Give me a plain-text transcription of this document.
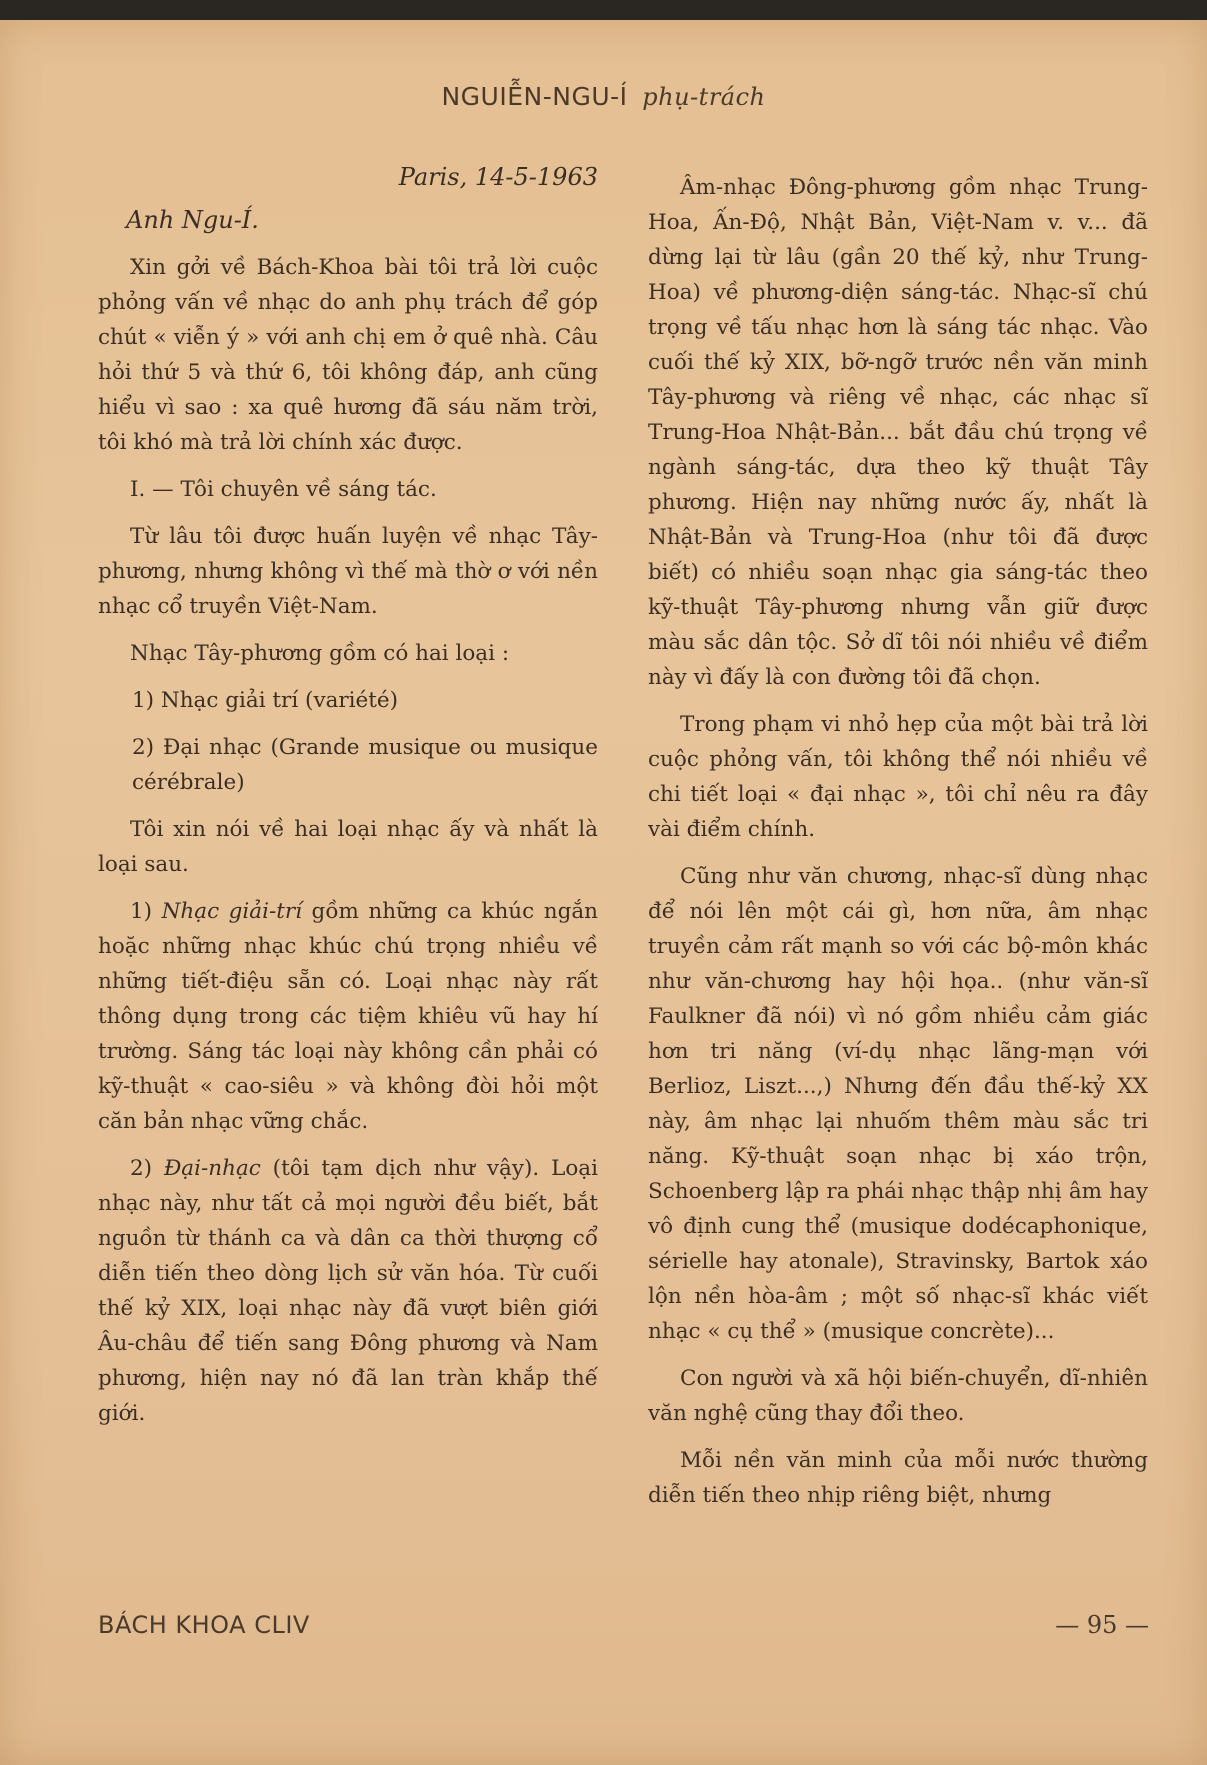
NGUIỄN-NGU-Í phụ-trách
Paris, 14-5-1963
Anh Ngu-Í.

Xin gởi về Bách-Khoa bài tôi trả lời cuộc phỏng vấn về nhạc do anh phụ trách để góp chút « viễn ý » với anh chị em ở quê nhà. Câu hỏi thứ 5 và thứ 6, tôi không đáp, anh cũng hiểu vì sao : xa quê hương đã sáu năm trời, tôi khó mà trả lời chính xác được.

I. — Tôi chuyên về sáng tác.

Từ lâu tôi được huấn luyện về nhạc Tây-phương, nhưng không vì thế mà thờ ơ với nền nhạc cổ truyền Việt-Nam.

Nhạc Tây-phương gồm có hai loại :

1) Nhạc giải trí (variété)
2) Đại nhạc (Grande musique ou musique cérébrale)

Tôi xin nói về hai loại nhạc ấy và nhất là loại sau.

1) Nhạc giải-trí gồm những ca khúc ngắn hoặc những nhạc khúc chú trọng nhiều về những tiết-điệu sẵn có. Loại nhạc này rất thông dụng trong các tiệm khiêu vũ hay hí trường. Sáng tác loại này không cần phải có kỹ-thuật « cao-siêu » và không đòi hỏi một căn bản nhạc vững chắc.

2) Đại-nhạc (tôi tạm dịch như vậy). Loại nhạc này, như tất cả mọi người đều biết, bắt nguồn từ thánh ca và dân ca thời thượng cổ diễn tiến theo dòng lịch sử văn hóa. Từ cuối thế kỷ XIX, loại nhạc này đã vượt biên giới Âu-châu để tiến sang Đông phương và Nam phương, hiện nay nó đã lan tràn khắp thế giới.

Âm-nhạc Đông-phương gồm nhạc Trung-Hoa, Ấn-Độ, Nhật Bản, Việt-Nam v. v... đã dừng lại từ lâu (gần 20 thế kỷ, như Trung-Hoa) về phương-diện sáng-tác. Nhạc-sĩ chú trọng về tấu nhạc hơn là sáng tác nhạc. Vào cuối thế kỷ XIX, bỡ-ngỡ trước nền văn minh Tây-phương và riêng về nhạc, các nhạc sĩ Trung-Hoa Nhật-Bản... bắt đầu chú trọng về ngành sáng-tác, dựa theo kỹ thuật Tây phương. Hiện nay những nước ấy, nhất là Nhật-Bản và Trung-Hoa (như tôi đã được biết) có nhiều soạn nhạc gia sáng-tác theo kỹ-thuật Tây-phương nhưng vẫn giữ được màu sắc dân tộc. Sở dĩ tôi nói nhiều về điểm này vì đấy là con đường tôi đã chọn.

Trong phạm vi nhỏ hẹp của một bài trả lời cuộc phỏng vấn, tôi không thể nói nhiều về chi tiết loại « đại nhạc », tôi chỉ nêu ra đây vài điểm chính.

Cũng như văn chương, nhạc-sĩ dùng nhạc để nói lên một cái gì, hơn nữa, âm nhạc truyền cảm rất mạnh so với các bộ-môn khác như văn-chương hay hội họa.. (như văn-sĩ Faulkner đã nói) vì nó gồm nhiều cảm giác hơn tri năng (ví-dụ nhạc lãng-mạn với Berlioz, Liszt...,) Nhưng đến đầu thế-kỷ XX này, âm nhạc lại nhuốm thêm màu sắc tri năng. Kỹ-thuật soạn nhạc bị xáo trộn, Schoenberg lập ra phái nhạc thập nhị âm hay vô định cung thể (musique dodécaphonique, sérielle hay atonale), Stravinsky, Bartok xáo lộn nền hòa-âm ; một số nhạc-sĩ khác viết nhạc « cụ thể » (musique concrète)...

Con người và xã hội biến-chuyển, dĩ-nhiên văn nghệ cũng thay đổi theo.

Mỗi nền văn minh của mỗi nước thường diễn tiến theo nhịp riêng biệt, nhưng

BÁCH KHOA CLIV	— 95 —
